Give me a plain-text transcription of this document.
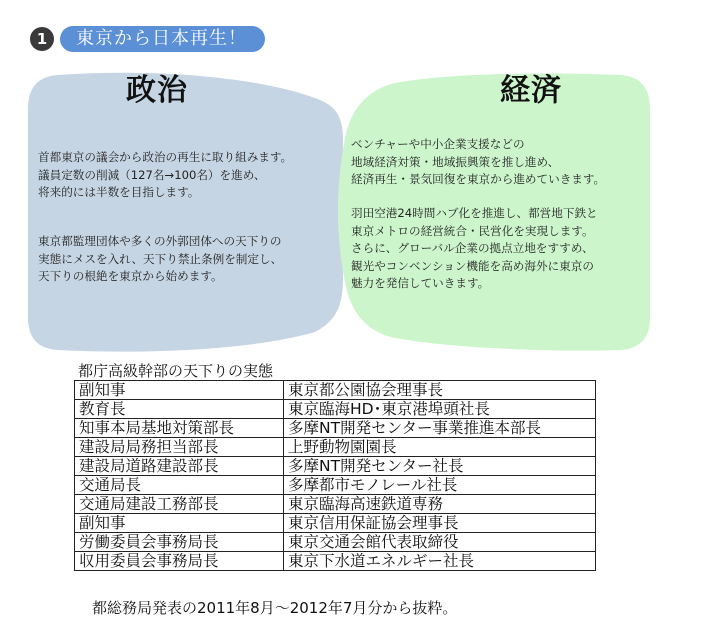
1	東京から日本再生！
政治	経済

首都東京の議会から政治の再生に取り組みます。

議員定数の削減（127名→100名）を進め、

将来的には半数を目指します。

東京都監理団体や多くの外郭団体への天下りの

実態にメスを入れ、天下り禁止条例を制定し、

天下りの根絶を東京から始めます。

ベンチャーや中小企業支援などの

地域経済対策・地域振興策を推し進め、

経済再生・景気回復を東京から進めていきます。

羽田空港24時間ハブ化を推進し、都営地下鉄と

東京メトロの経営統合・民営化を実現します。

さらに、グローバル企業の拠点立地をすすめ、

観光やコンベンション機能を高め海外に東京の

魅力を発信していきます。

都庁高級幹部の天下りの実態
副知事	東京都公園協会理事長
教育長	東京臨海HD･東京港埠頭社長
知事本局基地対策部長	多摩NT開発センター事業推進本部長
建設局局務担当部長	上野動物園園長
建設局道路建設部長	多摩NT開発センター社長
交通局長	多摩都市モノレール社長
交通局建設工務部長	東京臨海高速鉄道専務
副知事	東京信用保証協会理事長
労働委員会事務局長	東京交通会館代表取締役
収用委員会事務局長	東京下水道エネルギー社長
都総務局発表の2011年8月～2012年7月分から抜粋。
